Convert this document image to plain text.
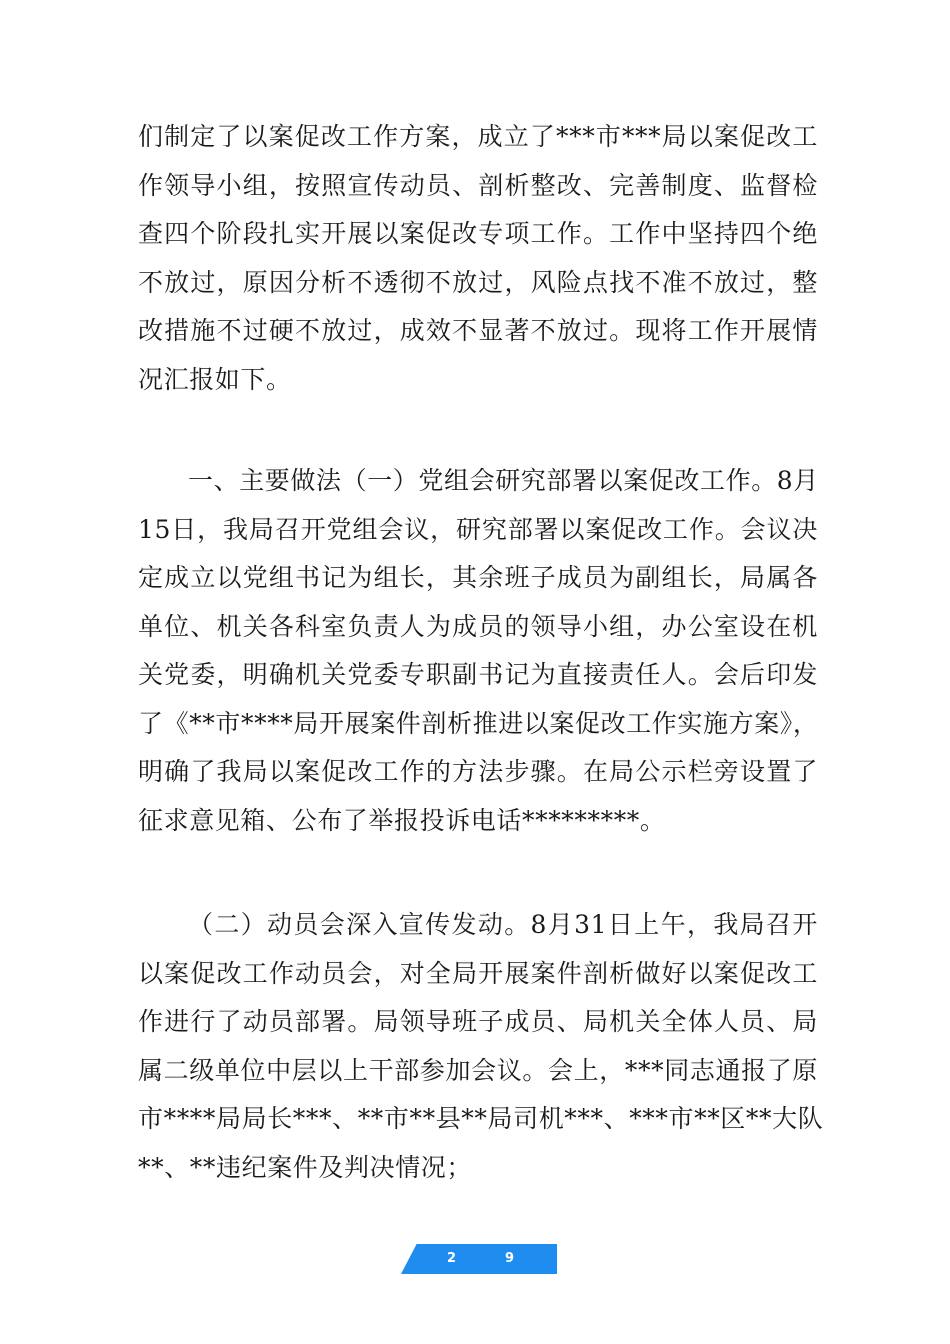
们制定了以案促改工作方案，成立了***市***局以案促改工
作领导小组，按照宣传动员、剖析整改、完善制度、监督检
查四个阶段扎实开展以案促改专项工作。工作中坚持四个绝
不放过，原因分析不透彻不放过，风险点找不准不放过，整
改措施不过硬不放过，成效不显著不放过。现将工作开展情
况汇报如下。
一、主要做法（一）党组会研究部署以案促改工作。8月
15日，我局召开党组会议，研究部署以案促改工作。会议决
定成立以党组书记为组长，其余班子成员为副组长，局属各
单位、机关各科室负责人为成员的领导小组，办公室设在机
关党委，明确机关党委专职副书记为直接责任人。会后印发
了《**市****局开展案件剖析推进以案促改工作实施方案》，
明确了我局以案促改工作的方法步骤。在局公示栏旁设置了
征求意见箱、公布了举报投诉电话*********。
（二）动员会深入宣传发动。8月31日上午，我局召开
以案促改工作动员会，对全局开展案件剖析做好以案促改工
作进行了动员部署。局领导班子成员、局机关全体人员、局
属二级单位中层以上干部参加会议。会上，***同志通报了原
市****局局长***、**市**县**局司机***、***市**区**大队
**、**违纪案件及判决情况；
2	9
